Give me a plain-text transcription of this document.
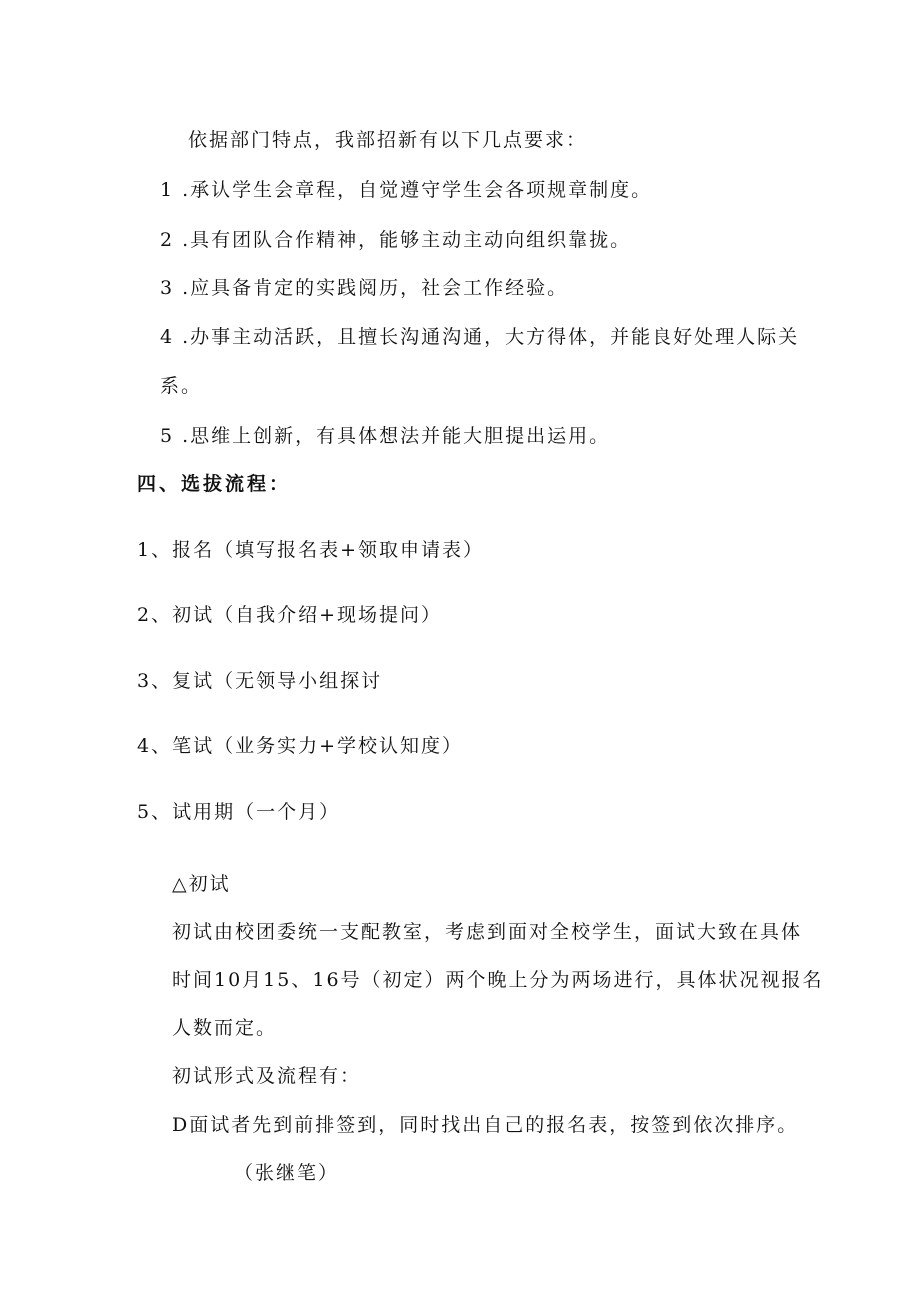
依据部门特点，我部招新有以下几点要求：
1 .承认学生会章程，自觉遵守学生会各项规章制度。
2 .具有团队合作精神，能够主动主动向组织靠拢。
3 .应具备肯定的实践阅历，社会工作经验。
4 .办事主动活跃，且擅长沟通沟通，大方得体，并能良好处理人际关
系。
5 .思维上创新，有具体想法并能大胆提出运用。
四、选拔流程：
1、报名（填写报名表+领取申请表）
2、初试（自我介绍+现场提问）
3、复试（无领导小组探讨
4、笔试（业务实力+学校认知度）
5、试用期（一个月）
△初试
初试由校团委统一支配教室，考虑到面对全校学生，面试大致在具体
时间10月15、16号（初定）两个晚上分为两场进行，具体状况视报名
人数而定。
初试形式及流程有：
D面试者先到前排签到，同时找出自己的报名表，按签到依次排序。
（张继笔）
